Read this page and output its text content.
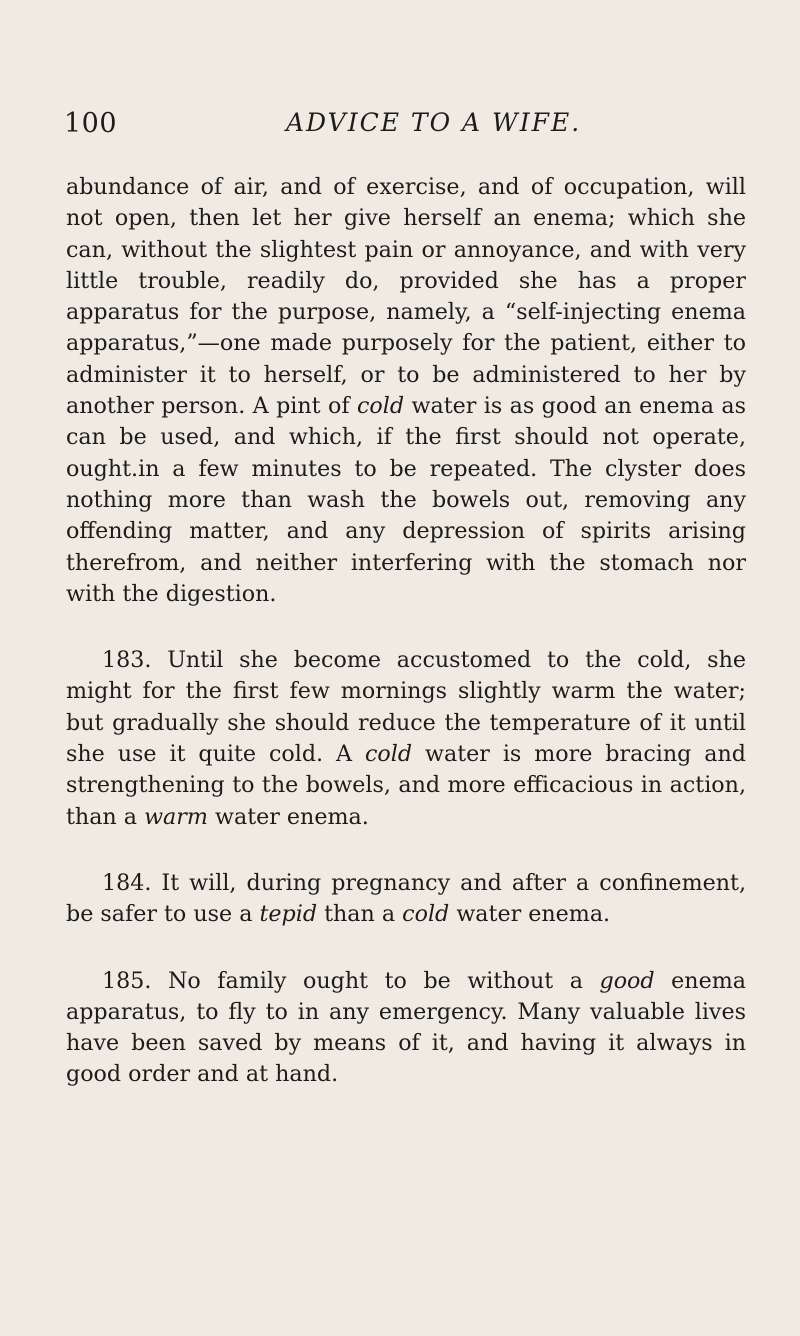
100	ADVICE TO A WIFE.

abundance of air, and of exercise, and of occupation, will not open, then let her give herself an enema; which she can, without the slightest pain or annoyance, and with very little trouble, readily do, provided she has a proper apparatus for the purpose, namely, a “self-injecting enema apparatus,”—one made purposely for the patient, either to administer it to herself, or to be administered to her by another person. A pint of cold water is as good an enema as can be used, and which, if the first should not operate, ought.in a few minutes to be repeated. The clyster does nothing more than wash the bowels out, removing any offending matter, and any depression of spirits arising therefrom, and neither interfering with the stomach nor with the digestion.

183. Until she become accustomed to the cold, she might for the first few mornings slightly warm the water; but gradually she should reduce the temperature of it until she use it quite cold. A cold water is more bracing and strengthening to the bowels, and more efficacious in action, than a warm water enema.

184. It will, during pregnancy and after a confinement, be safer to use a tepid than a cold water enema.

185. No family ought to be without a good enema apparatus, to fly to in any emergency. Many valuable lives have been saved by means of it, and having it always in good order and at hand.
